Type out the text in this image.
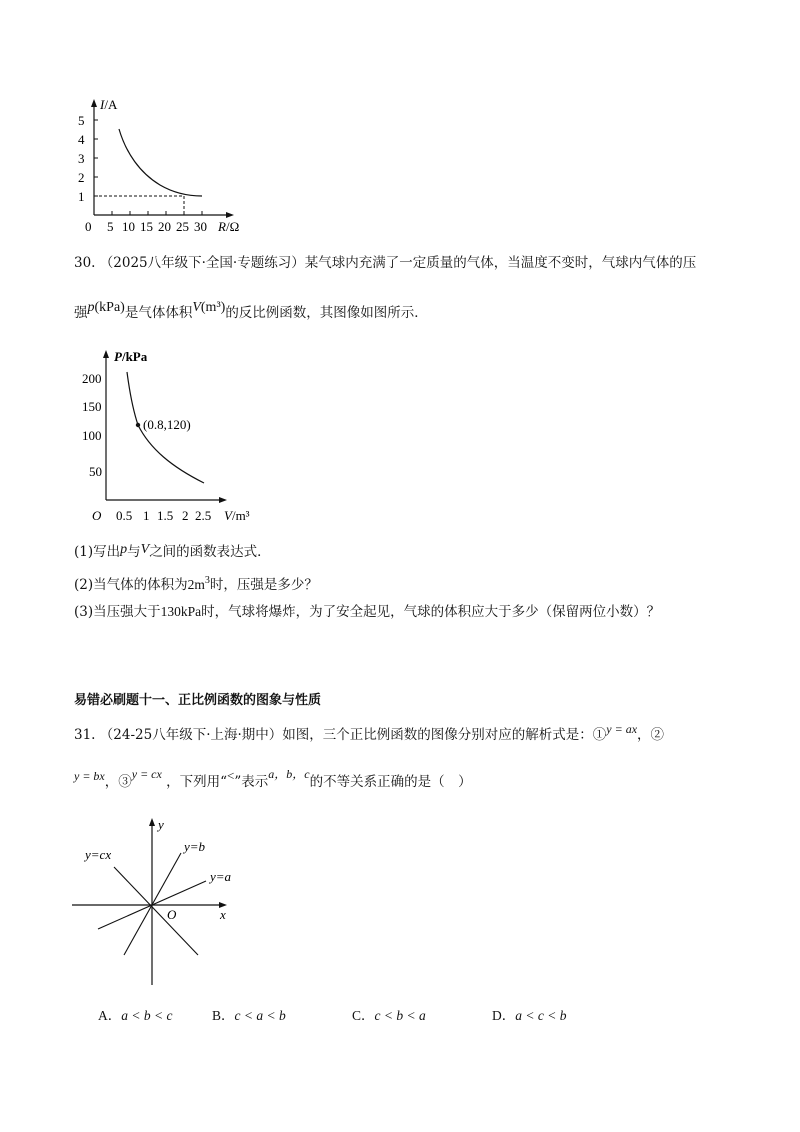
I/A
5
4
3
2
1
0 5 10 15 20 25 30 R/Ω
30. （2025八年级下·全国·专题练习）某气球内充满了一定质量的气体，当温度不变时，气球内气体的压
强p(kPa)是气体体积V(m³)的反比例函数，其图像如图所示．
(0.8,120)
P/kPa
200
150
100
50
O 0.5 1 1.5 2 2.5 V/m³
(1)写出p与V之间的函数表达式．
(2)当气体的体积为$2m^3$时，压强是多少？
(3)当压强大于130kPa时，气球将爆炸，为了安全起见，气球的体积应大于多少（保留两位小数）？
易错必刷题十一、正比例函数的图象与性质
31. （24-25八年级下·上海·期中）如图，三个正比例函数的图像分别对应的解析式是：①y = ax，②
y = bx，③y = cx ，下列用“<”表示a，b，c的不等关系正确的是（　）
y
x
O
y=cx
y=b
y=a
A．a < b < c	B．c < a < b	C．c < b < a	D．a < c < b
